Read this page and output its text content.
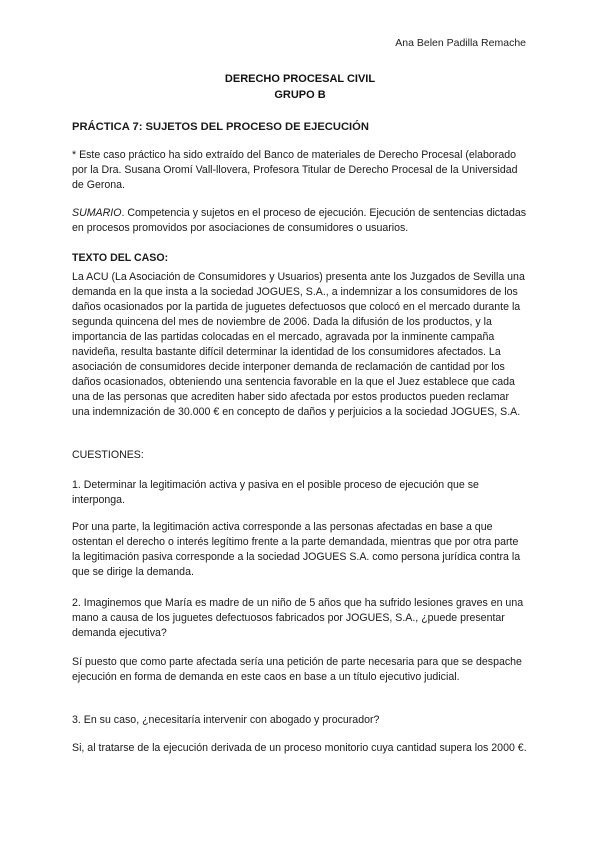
Ana Belen Padilla Remache
DERECHO PROCESAL CIVIL
GRUPO B
PRÁCTICA 7: SUJETOS DEL PROCESO DE EJECUCIÓN
* Este caso práctico ha sido extraído del Banco de materiales de Derecho Procesal (elaborado por la Dra. Susana Oromí Vall-llovera, Profesora Titular de Derecho Procesal de la Universidad de Gerona.
SUMARIO. Competencia y sujetos en el proceso de ejecución. Ejecución de sentencias dictadas en procesos promovidos por asociaciones de consumidores o usuarios.
TEXTO DEL CASO:
La ACU (La Asociación de Consumidores y Usuarios) presenta ante los Juzgados de Sevilla una demanda en la que insta a la sociedad JOGUES, S.A., a indemnizar a los consumidores de los daños ocasionados por la partida de juguetes defectuosos que colocó en el mercado durante la segunda quincena del mes de noviembre de 2006. Dada la difusión de los productos, y la importancia de las partidas colocadas en el mercado, agravada por la inminente campaña navideña, resulta bastante difícil determinar la identidad de los consumidores afectados. La asociación de consumidores decide interponer demanda de reclamación de cantidad por los daños ocasionados, obteniendo una sentencia favorable en la que el Juez establece que cada una de las personas que acrediten haber sido afectada por estos productos pueden reclamar una indemnización de 30.000 € en concepto de daños y perjuicios a la sociedad JOGUES, S.A.
CUESTIONES:
1. Determinar la legitimación activa y pasiva en el posible proceso de ejecución que se interponga.
Por una parte, la legitimación activa corresponde a las personas afectadas en base a que ostentan el derecho o interés legítimo frente a la parte demandada, mientras que por otra parte la legitimación pasiva corresponde a la sociedad JOGUES S.A. como persona jurídica contra la que se dirige la demanda.
2. Imaginemos que María es madre de un niño de 5 años que ha sufrido lesiones graves en una mano a causa de los juguetes defectuosos fabricados por JOGUES, S.A., ¿puede presentar demanda ejecutiva?
Sí puesto que como parte afectada sería una petición de parte necesaria para que se despache ejecución en forma de demanda en este caos en base a un título ejecutivo judicial.
3. En su caso, ¿necesitaría intervenir con abogado y procurador?
Si, al tratarse de la ejecución derivada de un proceso monitorio cuya cantidad supera los 2000 €.
